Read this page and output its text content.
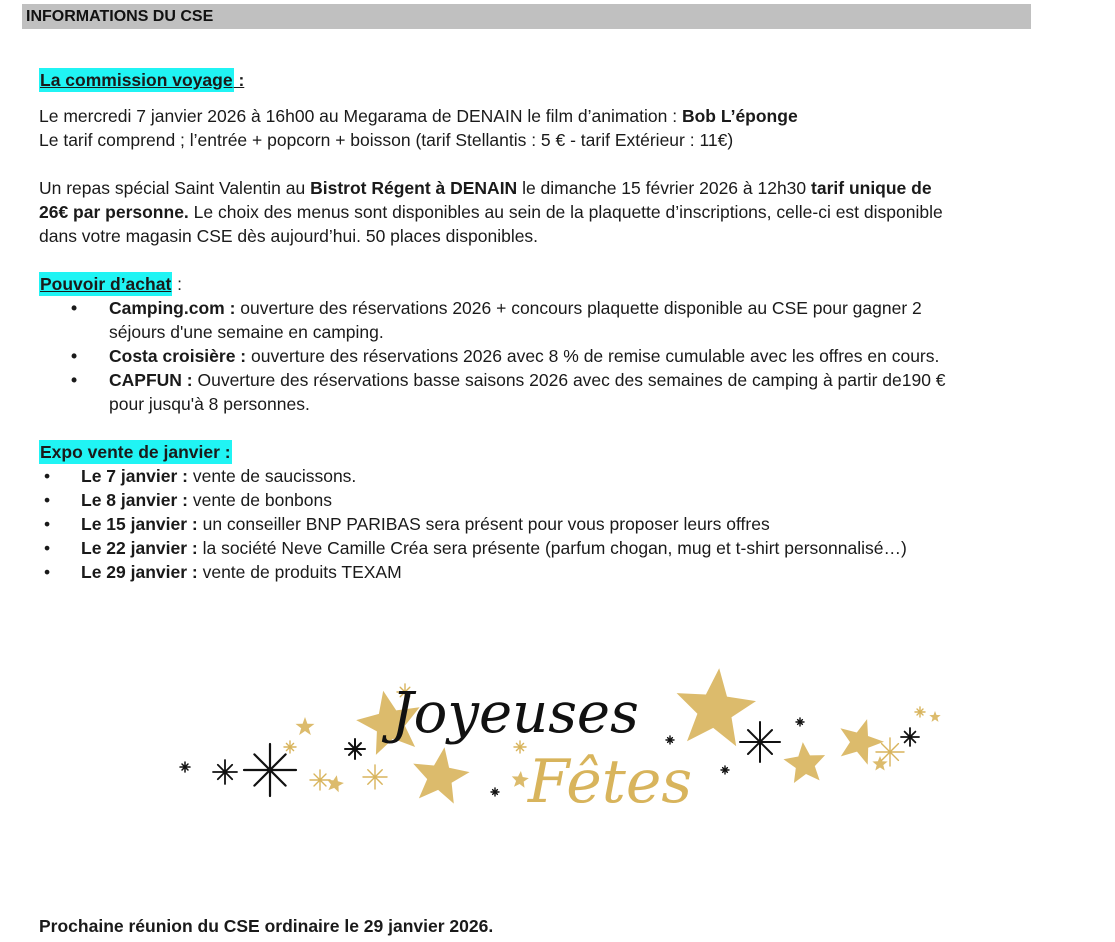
INFORMATIONS DU CSE
La commission voyage :
Le mercredi 7 janvier 2026 à 16h00 au Megarama de DENAIN le film d’animation : Bob L’éponge
Le tarif comprend ; l’entrée + popcorn + boisson (tarif Stellantis : 5 € - tarif Extérieur : 11€)
Un repas spécial Saint Valentin au Bistrot Régent à DENAIN le dimanche 15 février 2026 à 12h30 tarif unique de
26€ par personne. Le choix des menus sont disponibles au sein de la plaquette d’inscriptions, celle-ci est disponible
dans votre magasin CSE dès aujourd’hui. 50 places disponibles.
Pouvoir d’achat :
• Camping.com : ouverture des réservations 2026 + concours plaquette disponible au CSE pour gagner 2
séjours d'une semaine en camping.
• Costa croisière : ouverture des réservations 2026 avec 8 % de remise cumulable avec les offres en cours.
• CAPFUN : Ouverture des réservations basse saisons 2026 avec des semaines de camping à partir de190 €
pour jusqu'à 8 personnes.
Expo vente de janvier :
• Le 7 janvier : vente de saucissons.
• Le 8 janvier : vente de bonbons
• Le 15 janvier : un conseiller BNP PARIBAS sera présent pour vous proposer leurs offres
• Le 22 janvier : la société Neve Camille Créa sera présente (parfum chogan, mug et t-shirt personnalisé…)
• Le 29 janvier : vente de produits TEXAM
Joyeuses
Fêtes
Prochaine réunion du CSE ordinaire le 29 janvier 2026.
